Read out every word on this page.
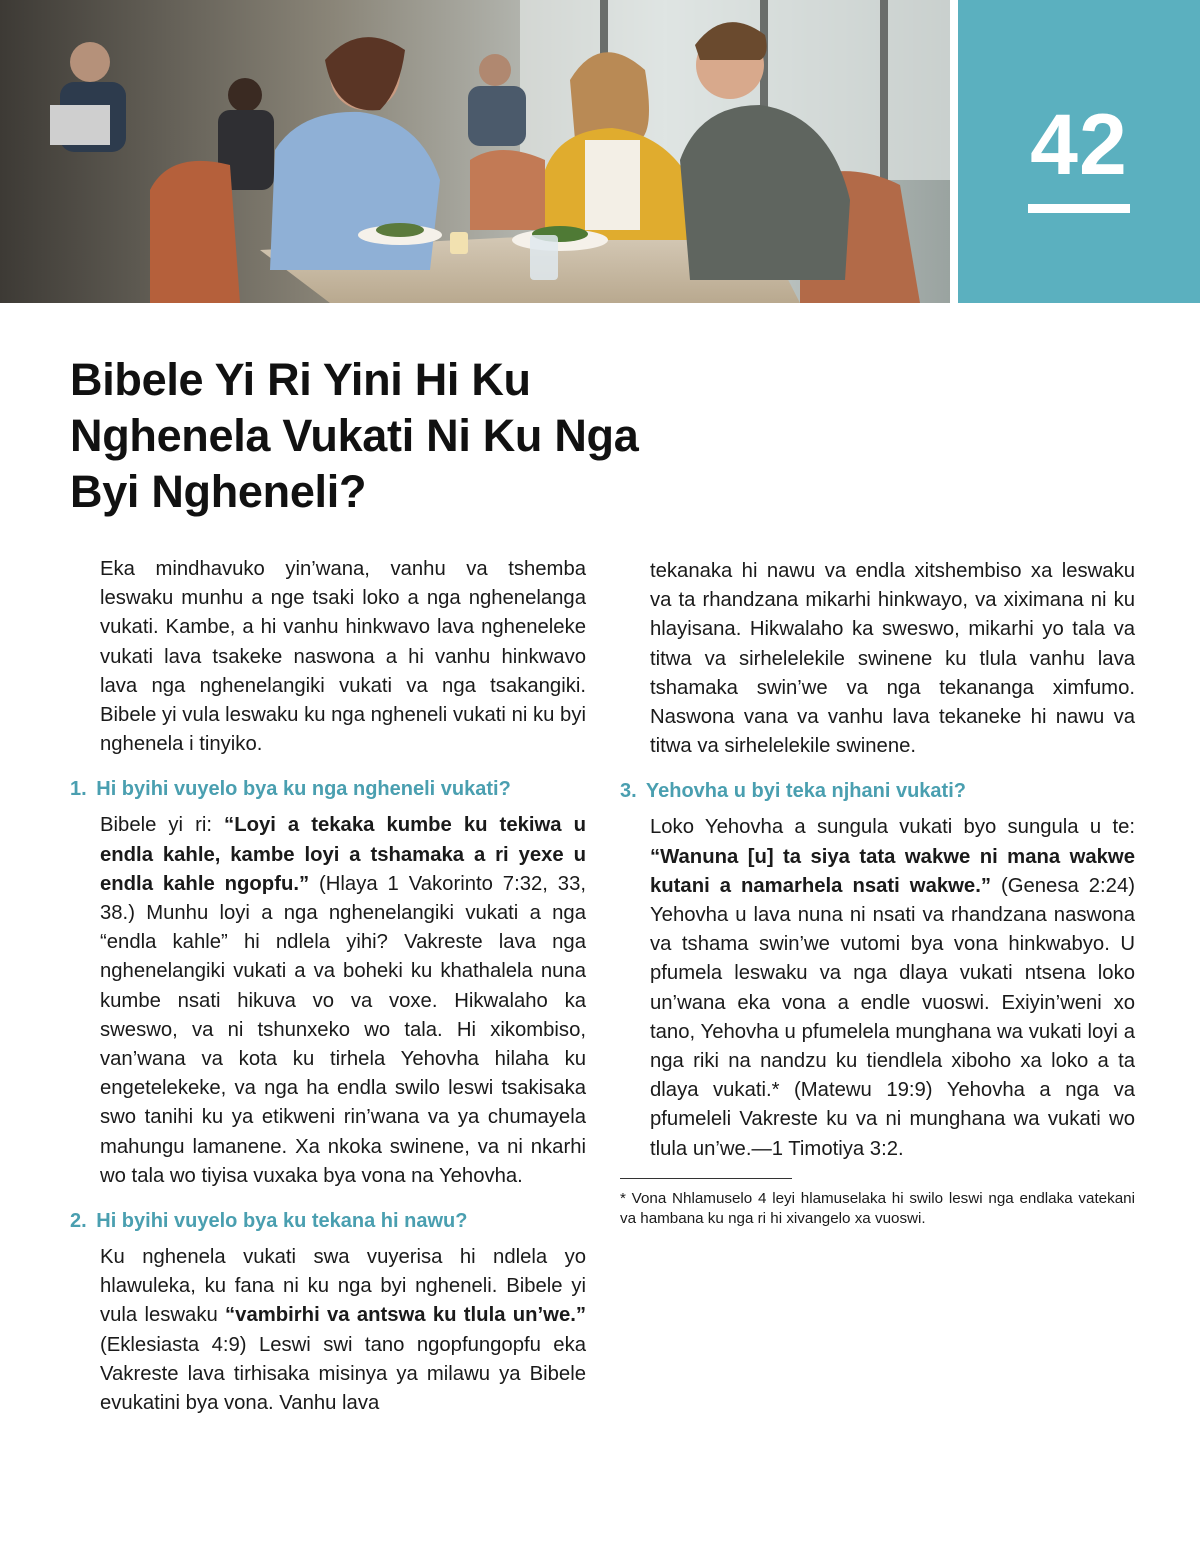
42
Bibele Yi Ri Yini Hi Ku Nghenela Vukati Ni Ku Nga Byi Ngheneli?

Eka mindhavuko yin’wana, vanhu va tshemba leswaku munhu a nge tsaki loko a nga nghenelanga vukati. Kambe, a hi vanhu hinkwavo lava ngheneleke vukati lava tsakeke naswona a hi vanhu hinkwavo lava nga nghenelangiki vukati va nga tsakangiki. Bibele yi vula leswaku ku nga ngheneli vukati ni ku byi nghenela i tinyiko.

1. Hi byihi vuyelo bya ku nga ngheneli vukati?

Bibele yi ri: “Loyi a tekaka kumbe ku tekiwa u endla kahle, kambe loyi a tshamaka a ri yexe u endla kahle ngopfu.” (Hlaya 1 Vakorinto 7:32, 33, 38.) Munhu loyi a nga nghenelangiki vukati a nga “endla kahle” hi ndlela yihi? Vakreste lava nga nghenelangiki vukati a va boheki ku khathalela nuna kumbe nsati hikuva vo va voxe. Hikwalaho ka sweswo, va ni tshunxeko wo tala. Hi xikombiso, van’wana va kota ku tirhela Yehovha hilaha ku engetelekeke, va nga ha endla swilo leswi tsakisaka swo tanihi ku ya etikweni rin’wana va ya chumayela mahungu lamanene. Xa nkoka swinene, va ni nkarhi wo tala wo tiyisa vuxaka bya vona na Yehovha.

2. Hi byihi vuyelo bya ku tekana hi nawu?

Ku nghenela vukati swa vuyerisa hi ndlela yo hlawuleka, ku fana ni ku nga byi ngheneli. Bibele yi vula leswaku “vambirhi va antswa ku tlula un’we.” (Eklesiasta 4:9) Leswi swi tano ngopfungopfu eka Vakreste lava tirhisaka misinya ya milawu ya Bibele evukatini bya vona. Vanhu lava

tekanaka hi nawu va endla xitshembiso xa leswaku va ta rhandzana mikarhi hinkwayo, va xiximana ni ku hlayisana. Hikwalaho ka sweswo, mikarhi yo tala va titwa va sirhelelekile swinene ku tlula vanhu lava tshamaka swin’we va nga tekananga ximfumo. Naswona vana va vanhu lava tekaneke hi nawu va titwa va sirhelelekile swinene.

3. Yehovha u byi teka njhani vukati?

Loko Yehovha a sungula vukati byo sungula u te: “Wanuna [u] ta siya tata wakwe ni mana wakwe kutani a namarhela nsati wakwe.” (Genesa 2:24) Yehovha u lava nuna ni nsati va rhandzana naswona va tshama swin’we vutomi bya vona hinkwabyo. U pfumela leswaku va nga dlaya vukati ntsena loko un’wana eka vona a endle vuoswi. Exiyin’weni xo tano, Yehovha u pfumelela munghana wa vukati loyi a nga riki na nandzu ku tiendlela xiboho xa loko a ta dlaya vukati.* (Matewu 19:9) Yehovha a nga va pfumeleli Vakreste ku va ni munghana wa vukati wo tlula un’we.—1 Timotiya 3:2.

* Vona Nhlamuselo 4 leyi hlamuselaka hi swilo leswi nga endlaka vatekani va hambana ku nga ri hi xivangelo xa vuoswi.
